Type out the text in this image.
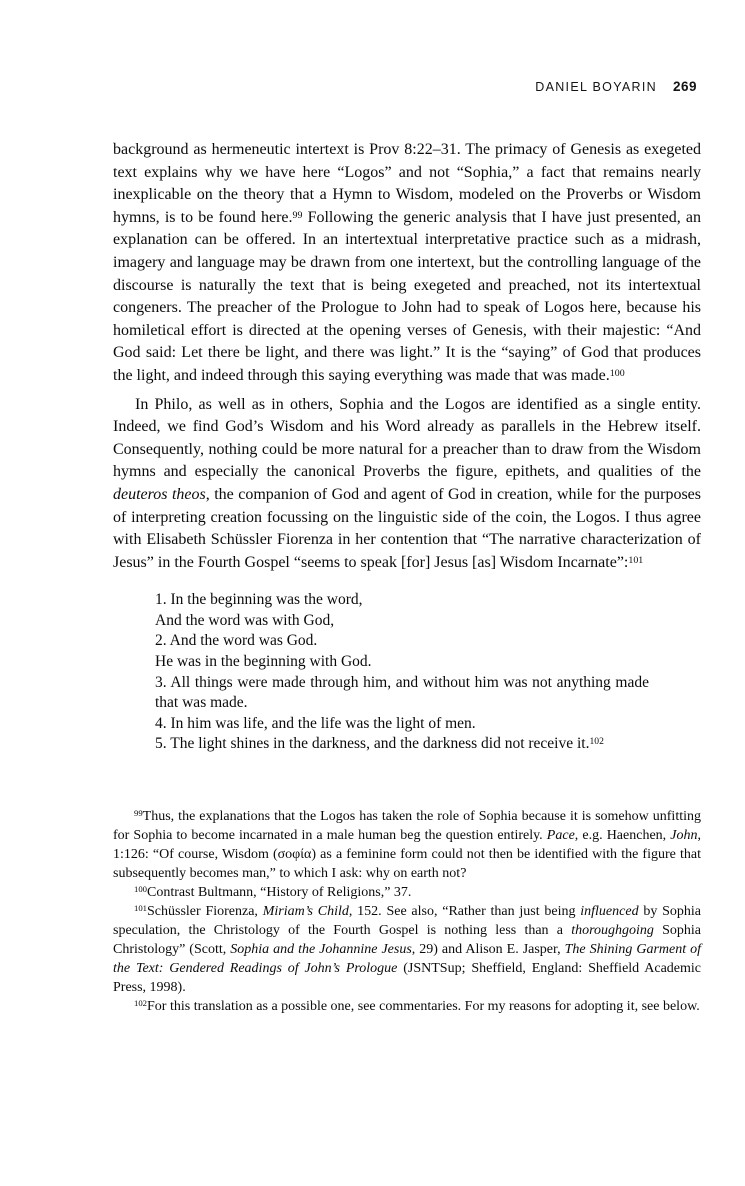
DANIEL BOYARIN 269

background as hermeneutic intertext is Prov 8:22–31. The primacy of Genesis as exegeted text explains why we have here “Logos” and not “Sophia,” a fact that remains nearly inexplicable on the theory that a Hymn to Wisdom, modeled on the Proverbs or Wisdom hymns, is to be found here.$^{99}$ Following the generic analysis that I have just presented, an explanation can be offered. In an intertextual interpretative practice such as a midrash, imagery and language may be drawn from one intertext, but the controlling language of the discourse is naturally the text that is being exegeted and preached, not its intertextual congeners. The preacher of the Prologue to John had to speak of Logos here, because his homiletical effort is directed at the opening verses of Genesis, with their majestic: “And God said: Let there be light, and there was light.” It is the “saying” of God that produces the light, and indeed through this saying everything was made that was made.$^{100}$

In Philo, as well as in others, Sophia and the Logos are identified as a single entity. Indeed, we find God’s Wisdom and his Word already as parallels in the Hebrew itself. Consequently, nothing could be more natural for a preacher than to draw from the Wisdom hymns and especially the canonical Proverbs the figure, epithets, and qualities of the deuteros theos, the companion of God and agent of God in creation, while for the purposes of interpreting creation focussing on the linguistic side of the coin, the Logos. I thus agree with Elisabeth Schüssler Fiorenza in her contention that “The narrative characterization of Jesus” in the Fourth Gospel “seems to speak [for] Jesus [as] Wisdom Incarnate”:$^{101}$

1. In the beginning was the word,
And the word was with God,
2. And the word was God.
He was in the beginning with God.
3. All things were made through him, and without him was not anything made that was made.
4. In him was life, and the life was the light of men.
5. The light shines in the darkness, and the darkness did not receive it.$^{102}$

$^{99}$Thus, the explanations that the Logos has taken the role of Sophia because it is somehow unfitting for Sophia to become incarnated in a male human beg the question entirely. Pace, e.g. Haenchen, John, 1:126: “Of course, Wisdom (σοφία) as a feminine form could not then be identified with the figure that subsequently becomes man,” to which I ask: why on earth not?

$^{100}$Contrast Bultmann, “History of Religions,” 37.

$^{101}$Schüssler Fiorenza, Miriam’s Child, 152. See also, “Rather than just being influenced by Sophia speculation, the Christology of the Fourth Gospel is nothing less than a thoroughgoing Sophia Christology” (Scott, Sophia and the Johannine Jesus, 29) and Alison E. Jasper, The Shining Garment of the Text: Gendered Readings of John’s Prologue (JSNTSup; Sheffield, England: Sheffield Academic Press, 1998).

$^{102}$For this translation as a possible one, see commentaries. For my reasons for adopting it, see below.
